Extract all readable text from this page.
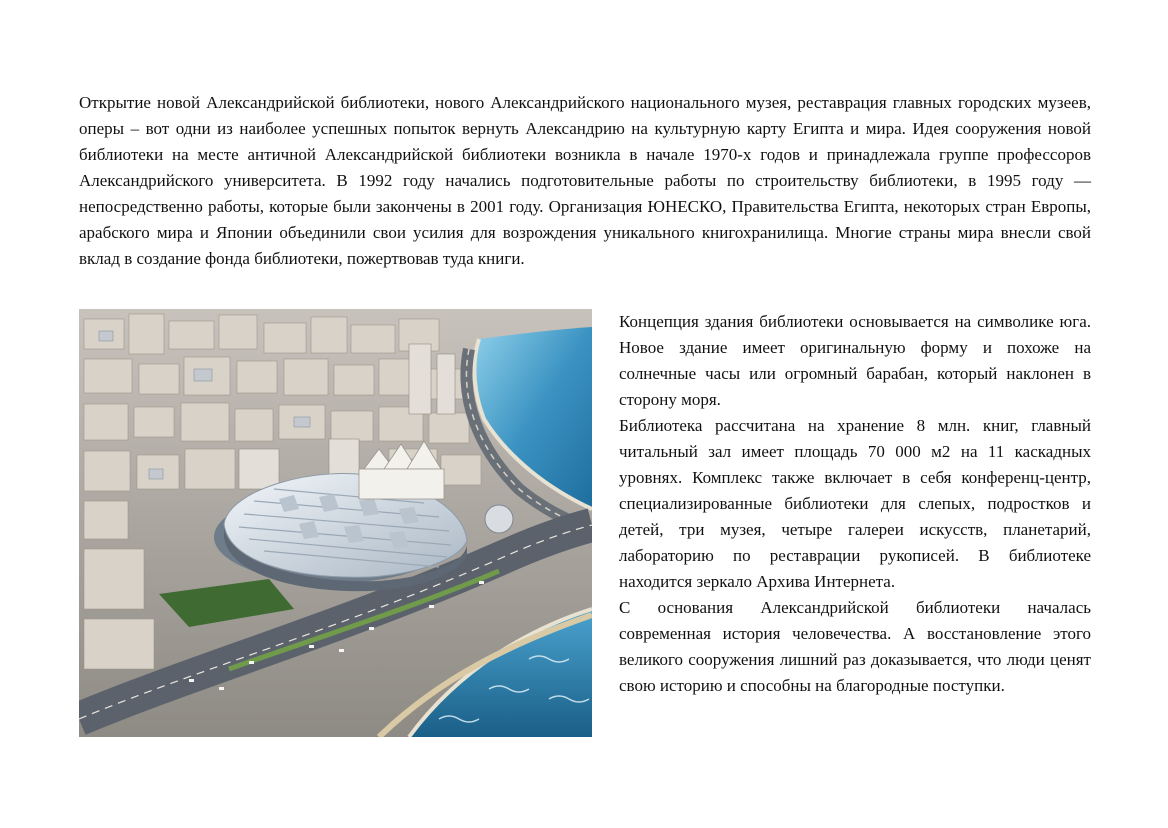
Открытие новой Александрийской библиотеки, нового Александрийского национального музея, реставрация главных городских музеев, оперы – вот одни из наиболее успешных попыток вернуть Александрию на культурную карту Египта и мира. Идея сооружения новой библиотеки на месте античной Александрийской библиотеки возникла в начале 1970-х годов и принадлежала группе профессоров Александрийского университета. В 1992 году начались подготовительные работы по строительству библиотеки, в 1995 году — непосредственно работы, которые были закончены в 2001 году. Организация ЮНЕСКО, Правительства Египта, некоторых стран Европы, арабского мира и Японии объединили свои усилия для возрождения уникального книгохранилища. Многие страны мира внесли свой вклад в создание фонда библиотеки, пожертвовав туда книги.

Концепция здания библиотеки основывается на символике юга. Новое здание имеет оригинальную форму и похоже на солнечные часы или огромный барабан, который наклонен в сторону моря.

Библиотека рассчитана на хранение 8 млн. книг, главный читальный зал имеет площадь 70 000 м2 на 11 каскадных уровнях. Комплекс также включает в себя конференц-центр, специализированные библиотеки для слепых, подростков и детей, три музея, четыре галереи искусств, планетарий, лабораторию по реставрации рукописей. В библиотеке находится зеркало Архива Интернета.

С основания Александрийской библиотеки началась современная история человечества. А восстановление этого великого сооружения лишний раз доказывается, что люди ценят свою историю и способны на благородные поступки.
